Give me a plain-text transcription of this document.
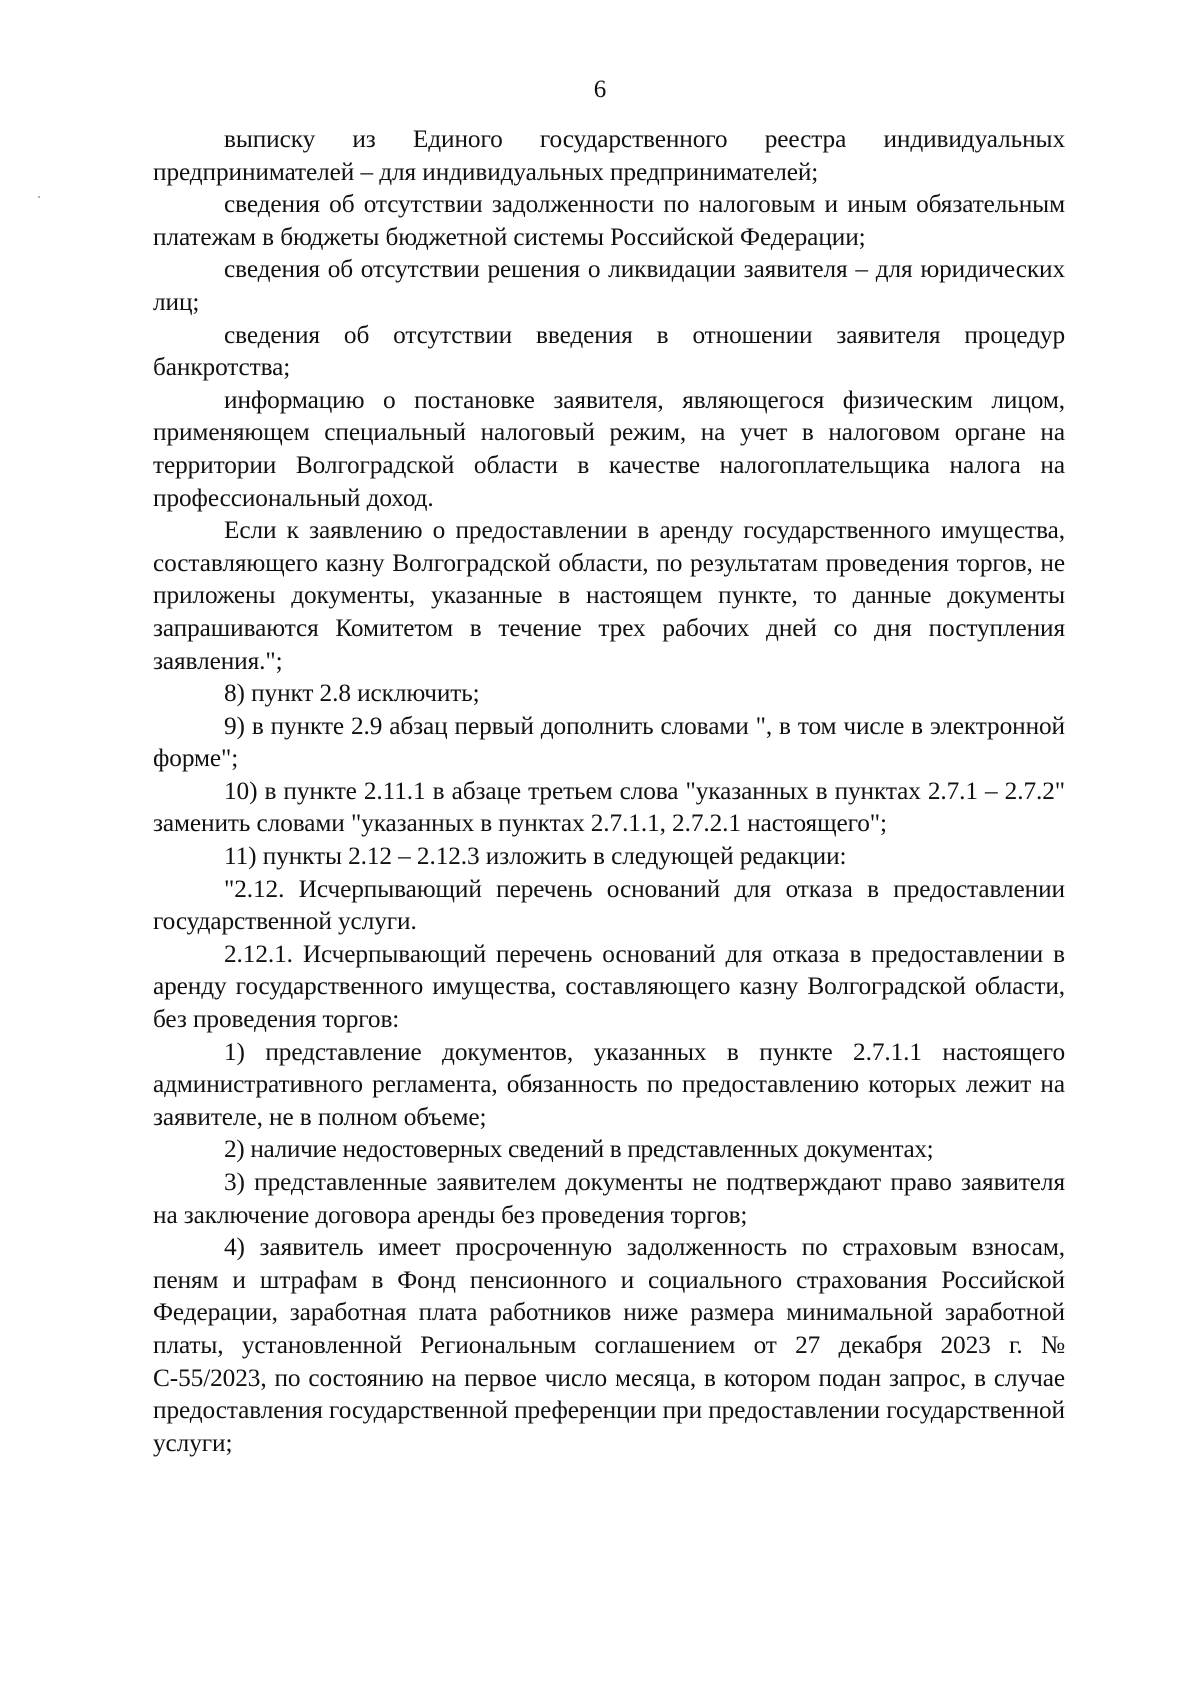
6

выписку из Единого государственного реестра индивидуальных предпринимателей – для индивидуальных предпринимателей;

сведения об отсутствии задолженности по налоговым и иным обязательным платежам в бюджеты бюджетной системы Российской Федерации;

сведения об отсутствии решения о ликвидации заявителя – для юридических лиц;

сведения об отсутствии введения в отношении заявителя процедур банкротства;

информацию о постановке заявителя, являющегося физическим лицом, применяющем специальный налоговый режим, на учет в налоговом органе на территории Волгоградской области в качестве налогоплательщика налога на профессиональный доход.

Если к заявлению о предоставлении в аренду государственного имущества, составляющего казну Волгоградской области, по результатам проведения торгов, не приложены документы, указанные в настоящем пункте, то данные документы запрашиваются Комитетом в течение трех рабочих дней со дня поступления заявления.";

8) пункт 2.8 исключить;

9) в пункте 2.9 абзац первый дополнить словами ", в том числе в электронной форме";

10) в пункте 2.11.1 в абзаце третьем слова "указанных в пунктах 2.7.1 – 2.7.2" заменить словами "указанных в пунктах 2.7.1.1, 2.7.2.1 настоящего";

11) пункты 2.12 – 2.12.3 изложить в следующей редакции:

"2.12. Исчерпывающий перечень оснований для отказа в предоставлении государственной услуги.

2.12.1. Исчерпывающий перечень оснований для отказа в предоставлении в аренду государственного имущества, составляющего казну Волгоградской области, без проведения торгов:

1) представление документов, указанных в пункте 2.7.1.1 настоящего административного регламента, обязанность по предоставлению которых лежит на заявителе, не в полном объеме;

2) наличие недостоверных сведений в представленных документах;

3) представленные заявителем документы не подтверждают право заявителя на заключение договора аренды без проведения торгов;

4) заявитель имеет просроченную задолженность по страховым взносам, пеням и штрафам в Фонд пенсионного и социального страхования Российской Федерации, заработная плата работников ниже размера минимальной заработной платы, установленной Региональным соглашением от 27 декабря 2023 г. № С-55/2023, по состоянию на первое число месяца, в котором подан запрос, в случае предоставления государственной преференции при предоставлении государственной услуги;
